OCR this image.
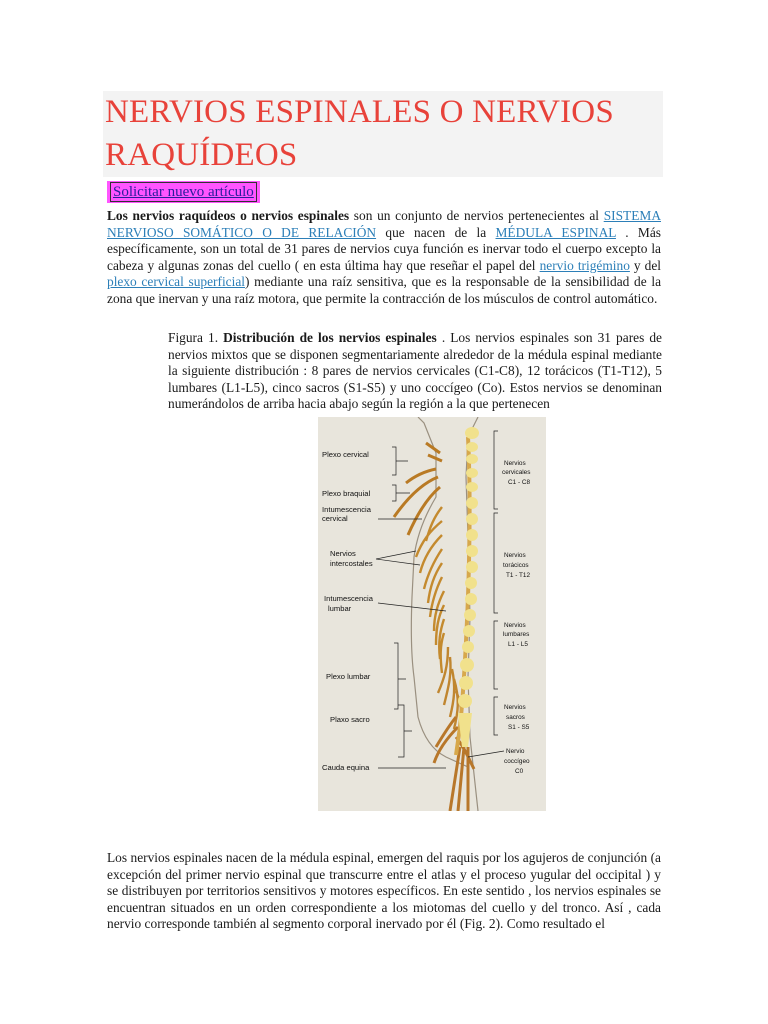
NERVIOS ESPINALES O NERVIOS
RAQUÍDEOS
Solicitar nuevo artículo

Los nervios raquídeos o nervios espinales son un conjunto de nervios pertenecientes al SISTEMA NERVIOSO SOMÁTICO O DE RELACIÓN que nacen de la MÉDULA ESPINAL . Más específicamente, son un total de 31 pares de nervios cuya función es inervar todo el cuerpo excepto la cabeza y algunas zonas del cuello ( en esta última hay que reseñar el papel del nervio trigémino y del plexo cervical superficial) mediante una raíz sensitiva, que es la responsable de la sensibilidad de la zona que inervan y una raíz motora, que permite la contracción de los músculos de control automático.

Figura 1. Distribución de los nervios espinales . Los nervios espinales son 31 pares de nervios mixtos que se disponen segmentariamente alrededor de la médula espinal mediante la siguiente distribución : 8 pares de nervios cervicales (C1-C8), 12 torácicos (T1-T12), 5 lumbares (L1-L5), cinco sacros (S1-S5) y uno coccígeo (Co). Estos nervios se denominan numerándolos de arriba hacia abajo según la región a la que pertenecen

Plexo cervical
Plexo braquial
Intumescencia
cervical
Nervios
intercostales
Intumescencia
lumbar
Plexo lumbar
Plaxo sacro
Cauda equina
Nervios
cervicales
C1 - C8
Nervios
torácicos
T1 - T12
Nervios
lumbares
L1 - L5
Nervios
sacros
S1 - S5
Nervio
coccígeo
C0

Los nervios espinales nacen de la médula espinal, emergen del raquis por los agujeros de conjunción (a excepción del primer nervio espinal que transcurre entre el atlas y el proceso yugular del occipital ) y se distribuyen por territorios sensitivos y motores específicos. En este sentido , los nervios espinales se encuentran situados en un orden correspondiente a los miotomas del cuello y del tronco. Así , cada nervio corresponde también al segmento corporal inervado por él (Fig. 2). Como resultado el
